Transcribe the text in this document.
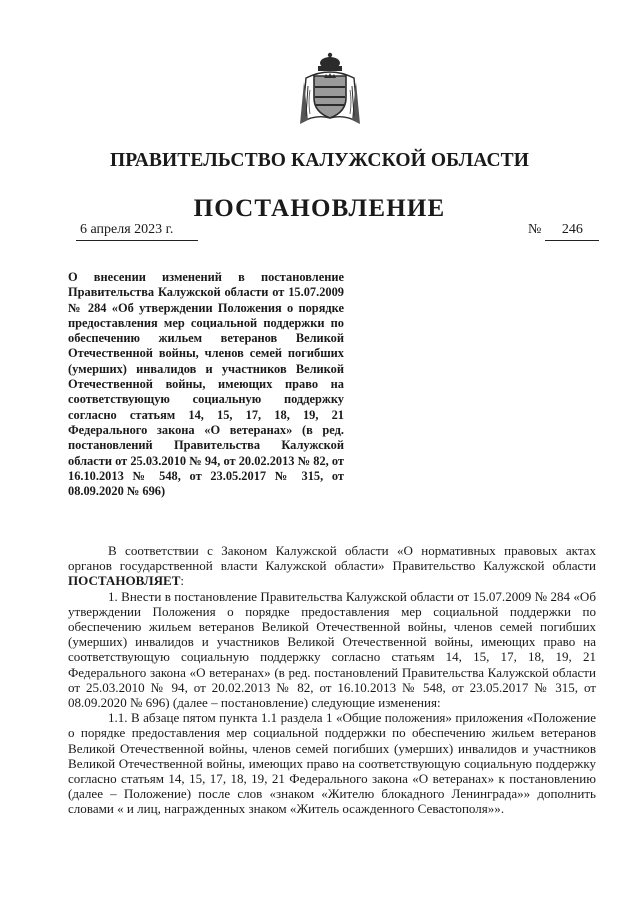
ПРАВИТЕЛЬСТВО КАЛУЖСКОЙ ОБЛАСТИ
ПОСТАНОВЛЕНИЕ
6 апреля 2023 г.	№ 246
О внесении изменений в постановление Правительства Калужской области от 15.07.2009 № 284 «Об утверждении Положения о порядке предоставления мер социальной поддержки по обеспечению жильем ветеранов Великой Отечественной войны, членов семей погибших (умерших) инвалидов и участников Великой Отечественной войны, имеющих право на соответствующую социальную поддержку согласно статьям 14, 15, 17, 18, 19, 21 Федерального закона «О ветеранах» (в ред. постановлений Правительства Калужской области от 25.03.2010 № 94, от 20.02.2013 № 82, от 16.10.2013 № 548, от 23.05.2017 № 315, от 08.09.2020 № 696)

В соответствии с Законом Калужской области «О нормативных правовых актах органов государственной власти Калужской области» Правительство Калужской области ПОСТАНОВЛЯЕТ:

1. Внести в постановление Правительства Калужской области от 15.07.2009 № 284 «Об утверждении Положения о порядке предоставления мер социальной поддержки по обеспечению жильем ветеранов Великой Отечественной войны, членов семей погибших (умерших) инвалидов и участников Великой Отечественной войны, имеющих право на соответствующую социальную поддержку согласно статьям 14, 15, 17, 18, 19, 21 Федерального закона «О ветеранах» (в ред. постановлений Правительства Калужской области от 25.03.2010 № 94, от 20.02.2013 № 82, от 16.10.2013 № 548, от 23.05.2017 № 315, от 08.09.2020 № 696) (далее – постановление) следующие изменения:

1.1. В абзаце пятом пункта 1.1 раздела 1 «Общие положения» приложения «Положение о порядке предоставления мер социальной поддержки по обеспечению жильем ветеранов Великой Отечественной войны, членов семей погибших (умерших) инвалидов и участников Великой Отечественной войны, имеющих право на соответствующую социальную поддержку согласно статьям 14, 15, 17, 18, 19, 21 Федерального закона «О ветеранах» к постановлению (далее – Положение) после слов «знаком «Жителю блокадного Ленинграда»» дополнить словами « и лиц, награжденных знаком «Житель осажденного Севастополя»».
